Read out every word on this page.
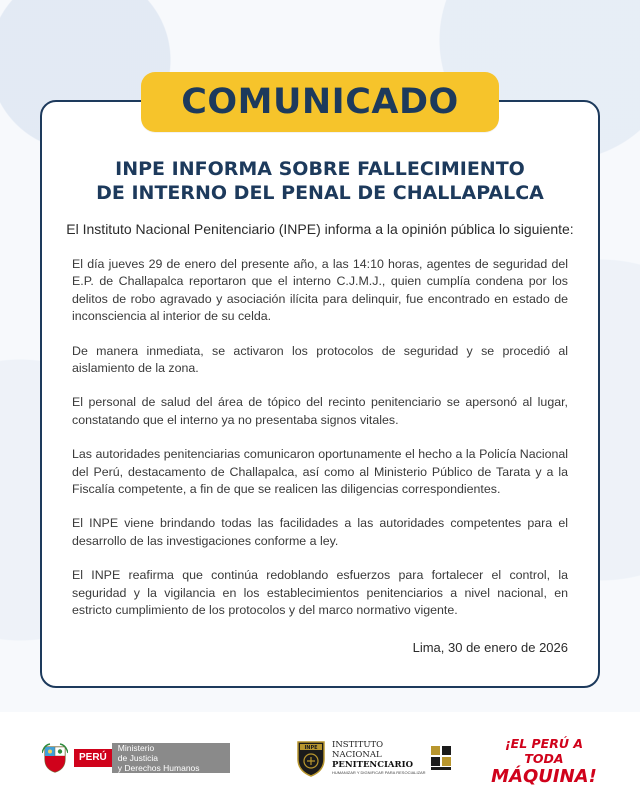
COMUNICADO
INPE INFORMA SOBRE FALLECIMIENTO
DE INTERNO DEL PENAL DE CHALLAPALCA
El Instituto Nacional Penitenciario (INPE) informa a la opinión pública lo siguiente:

El día jueves 29 de enero del presente año, a las 14:10 horas, agentes de seguridad del E.P. de Challapalca reportaron que el interno C.J.M.J., quien cumplía condena por los delitos de robo agravado y asociación ilícita para delinquir, fue encontrado en estado de inconsciencia al interior de su celda.

De manera inmediata, se activaron los protocolos de seguridad y se procedió al aislamiento de la zona.

El personal de salud del área de tópico del recinto penitenciario se apersonó al lugar, constatando que el interno ya no presentaba signos vitales.

Las autoridades penitenciarias comunicaron oportunamente el hecho a la Policía Nacional del Perú, destacamento de Challapalca, así como al Ministerio Público de Tarata y a la Fiscalía competente, a fin de que se realicen las diligencias correspondientes.

El INPE viene brindando todas las facilidades a las autoridades competentes para el desarrollo de las investigaciones conforme a ley.

El INPE reafirma que continúa redoblando esfuerzos para fortalecer el control, la seguridad y la vigilancia en los establecimientos penitenciarios a nivel nacional, en estricto cumplimiento de los protocolos y del marco normativo vigente.

Lima, 30 de enero de 2026
PERÚ
Ministerio
de Justicia
y Derechos Humanos
INPE INSTITUTO
NACIONAL
PENITENCIARIO
HUMANIZAR Y DIGNIFICAR PARA RESOCIALIZAR
¡EL PERÚ A TODA
MÁQUINA!
